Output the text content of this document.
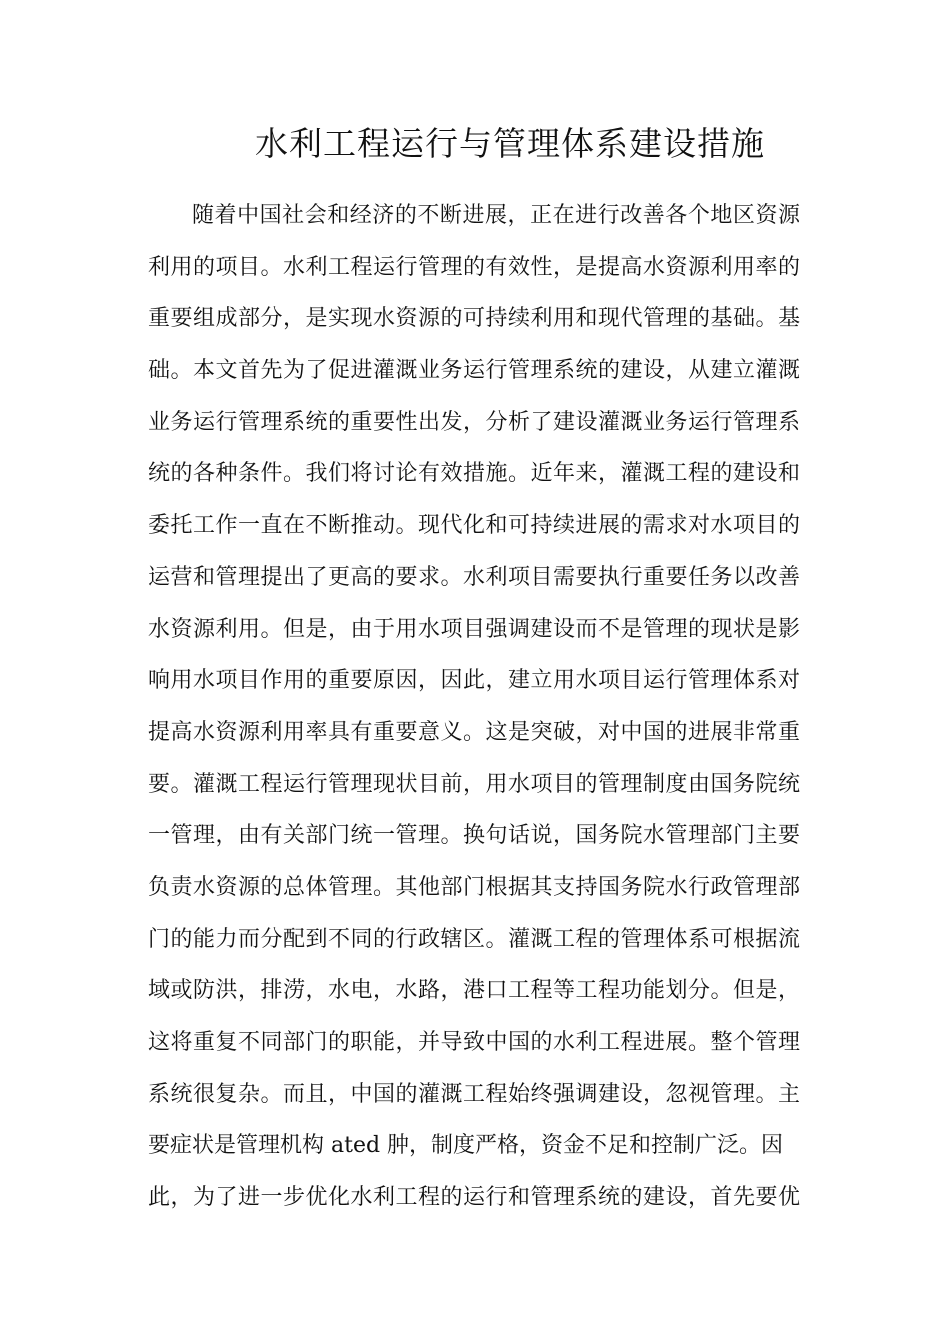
水利工程运行与管理体系建设措施
随着中国社会和经济的不断进展，正在进行改善各个地区资源
利用的项目。水利工程运行管理的有效性，是提高水资源利用率的
重要组成部分，是实现水资源的可持续利用和现代管理的基础。基
础。本文首先为了促进灌溉业务运行管理系统的建设，从建立灌溉
业务运行管理系统的重要性出发，分析了建设灌溉业务运行管理系
统的各种条件。我们将讨论有效措施。近年来，灌溉工程的建设和
委托工作一直在不断推动。现代化和可持续进展的需求对水项目的
运营和管理提出了更高的要求。水利项目需要执行重要任务以改善
水资源利用。但是，由于用水项目强调建设而不是管理的现状是影
响用水项目作用的重要原因，因此，建立用水项目运行管理体系对
提高水资源利用率具有重要意义。这是突破，对中国的进展非常重
要。灌溉工程运行管理现状目前，用水项目的管理制度由国务院统
一管理，由有关部门统一管理。换句话说，国务院水管理部门主要
负责水资源的总体管理。其他部门根据其支持国务院水行政管理部
门的能力而分配到不同的行政辖区。灌溉工程的管理体系可根据流
域或防洪，排涝，水电，水路，港口工程等工程功能划分。但是，
这将重复不同部门的职能，并导致中国的水利工程进展。整个管理
系统很复杂。而且，中国的灌溉工程始终强调建设，忽视管理。主
要症状是管理机构 ated 肿，制度严格，资金不足和控制广泛。因
此，为了进一步优化水利工程的运行和管理系统的建设，首先要优
